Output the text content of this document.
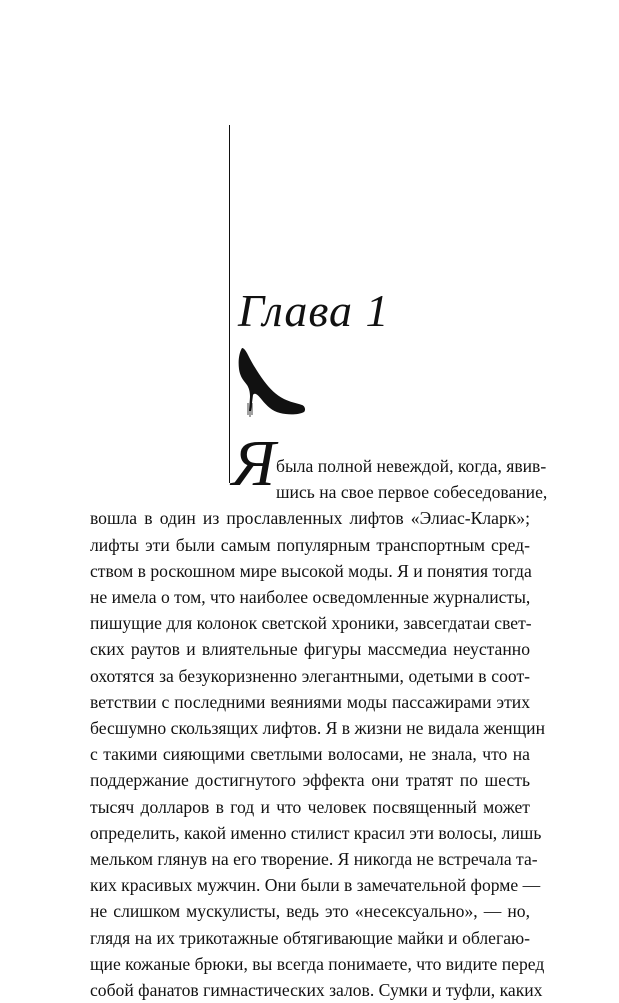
Глава 1
Я была полной невеждой, когда, явив-
шись на свое первое собеседование,
вошла в один из прославленных лифтов «Элиас-Кларк»;
лифты эти были самым популярным транспортным сред-
ством в роскошном мире высокой моды. Я и понятия тогда
не имела о том, что наиболее осведомленные журналисты,
пишущие для колонок светской хроники, завсегдатаи свет-
ских раутов и влиятельные фигуры массмедиа неустанно
охотятся за безукоризненно элегантными, одетыми в соот-
ветствии с последними веяниями моды пассажирами этих
бесшумно скользящих лифтов. Я в жизни не видала женщин
с такими сияющими светлыми волосами, не знала, что на
поддержание достигнутого эффекта они тратят по шесть
тысяч долларов в год и что человек посвященный может
определить, какой именно стилист красил эти волосы, лишь
мельком глянув на его творение. Я никогда не встречала та-
ких красивых мужчин. Они были в замечательной форме —
не слишком мускулисты, ведь это «несексуально», — но,
глядя на их трикотажные обтягивающие майки и облегаю-
щие кожаные брюки, вы всегда понимаете, что видите перед
собой фанатов гимнастических залов. Сумки и туфли, каких
